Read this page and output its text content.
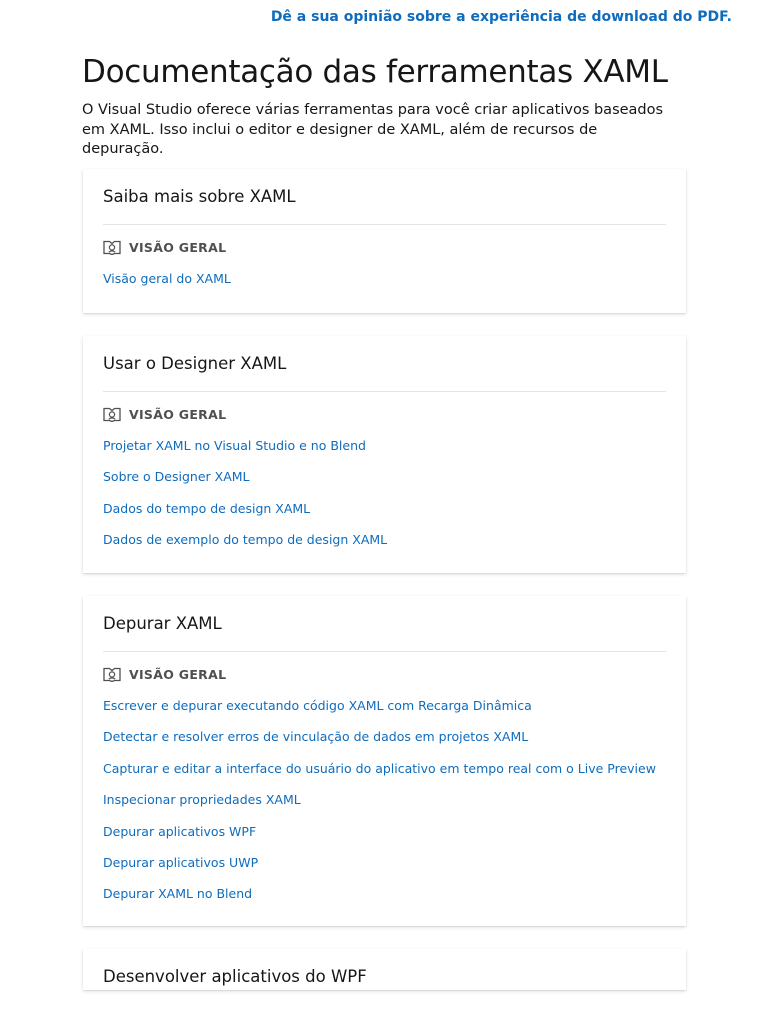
Dê a sua opinião sobre a experiência de download do PDF.
Documentação das ferramentas XAML

O Visual Studio oferece várias ferramentas para você criar aplicativos baseados em XAML. Isso inclui o editor e designer de XAML, além de recursos de depuração.

Saiba mais sobre XAML
VISÃO GERAL
Visão geral do XAML
Usar o Designer XAML
VISÃO GERAL
Projetar XAML no Visual Studio e no Blend
Sobre o Designer XAML
Dados do tempo de design XAML
Dados de exemplo do tempo de design XAML
Depurar XAML
VISÃO GERAL
Escrever e depurar executando código XAML com Recarga Dinâmica
Detectar e resolver erros de vinculação de dados em projetos XAML
Capturar e editar a interface do usuário do aplicativo em tempo real com o Live Preview
Inspecionar propriedades XAML
Depurar aplicativos WPF
Depurar aplicativos UWP
Depurar XAML no Blend
Desenvolver aplicativos do WPF
